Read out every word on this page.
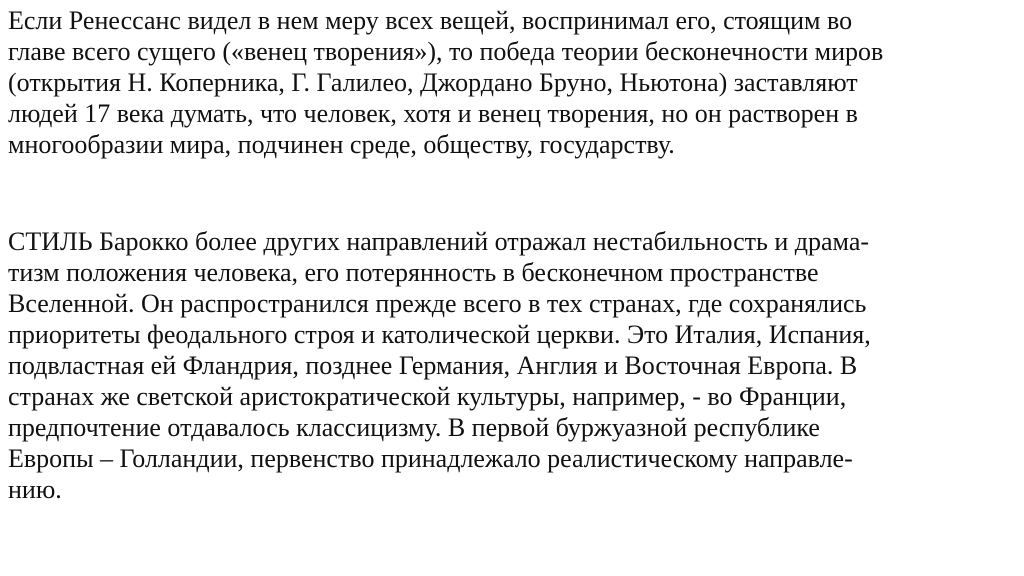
Если Ренессанс видел в нем меру всех вещей, воспринимал его, стоящим во
главе всего сущего («венец творения»), то победа теории бесконечности миров
(открытия Н. Коперника, Г. Галилео, Джордано Бруно, Ньютона) заставляют
людей 17 века думать, что человек, хотя и венец творения, но он растворен в
многообразии мира, подчинен среде, обществу, государству.
СТИЛЬ Барокко более других направлений отражал нестабильность и драма-
тизм положения человека, его потерянность в бесконечном пространстве
Вселенной. Он распространился прежде всего в тех странах, где сохранялись
приоритеты феодального строя и католической церкви. Это Италия, Испания,
подвластная ей Фландрия, позднее Германия, Англия и Восточная Европа. В
странах же светской аристократической культуры, например, - во Франции,
предпочтение отдавалось классицизму. В первой буржуазной республике
Европы – Голландии, первенство принадлежало реалистическому направле-
нию.
